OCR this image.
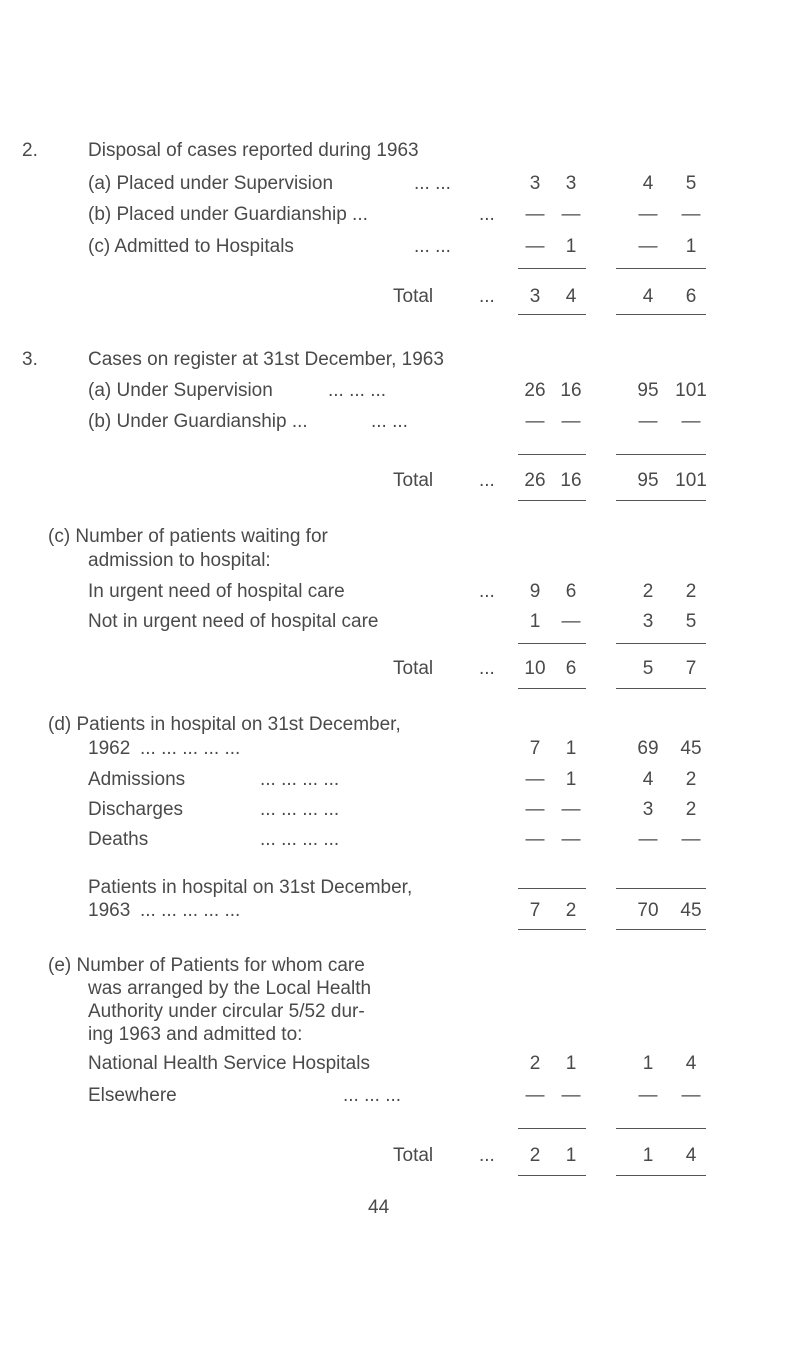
2.	Disposal of cases reported during 1963
(a) Placed under Supervision	... ...	3	3	4	5
(b) Placed under Guardianship ...	...	— —	—	—
(c) Admitted to Hospitals	... ...	—	1	—	1
Total ...	3	4	4	6
3.	Cases on register at 31st December, 1963
(a) Under Supervision	... ... ...	26 16	95 101
(b) Under Guardianship ...	... ...	— —	—	—
Total ...	26 16	95 101
(c) Number of patients waiting for
admission to hospital:
In urgent need of hospital care	...	9	6	2	2
Not in urgent need of hospital care	1	—	3	5
Total ...	10	6	5	7
(d) Patients in hospital on 31st December,
1962 ... ... ... ... ...	7	1	69	45
Admissions	... ... ... ...	—	1	4	2
Discharges	... ... ... ...	— —	3	2
Deaths	... ... ... ...	— —	—	—
Patients in hospital on 31st December,
1963 ... ... ... ... ...	7	2	70	45
(e) Number of Patients for whom care
was arranged by the Local Health
Authority under circular 5/52 dur-
ing 1963 and admitted to:
National Health Service Hospitals	2	1	1	4
Elsewhere	... ... ...	— —	—	—
Total ...	2	1	1	4
44
